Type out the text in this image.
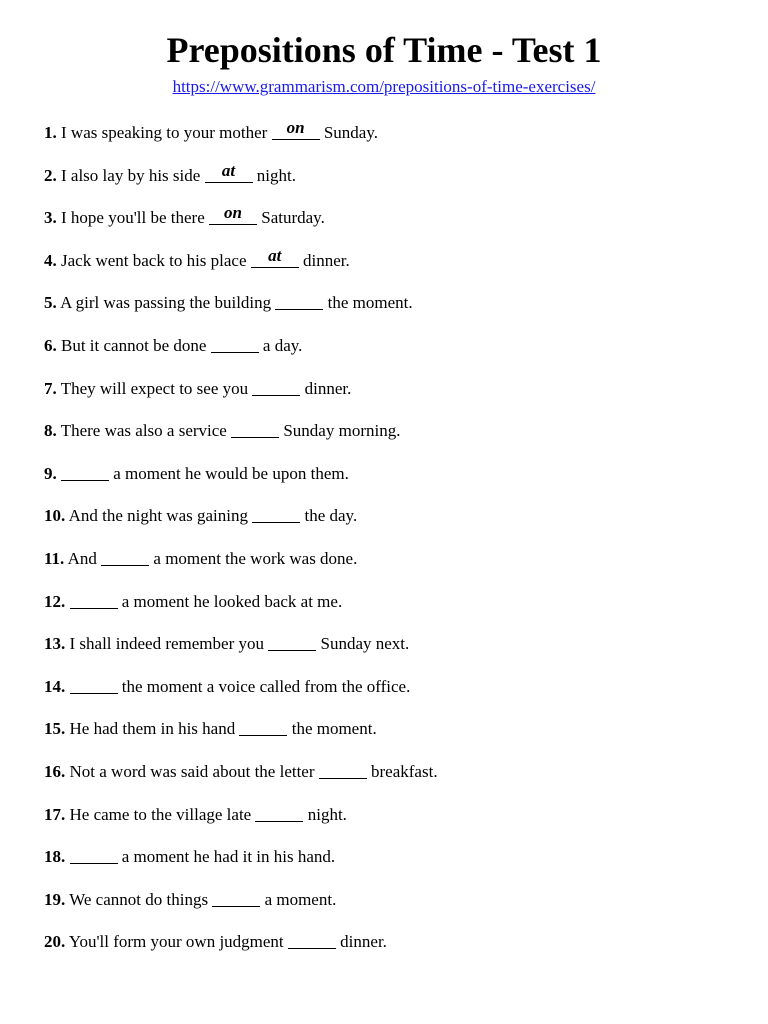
Prepositions of Time - Test 1
https://www.grammarism.com/prepositions-of-time-exercises/
1. I was speaking to your mother on Sunday.
2. I also lay by his side	at	night.
3. I hope you'll be there on Saturday.
4. Jack went back to his place	at	dinner.
5. A girl was passing the building	the moment.
6. But it cannot be done	a day.
7. They will expect to see you	dinner.
8. There was also a service	Sunday morning.
9.	a moment he would be upon them.
10. And the night was gaining	the day.
11. And	a moment the work was done.
12.	a moment he looked back at me.
13. I shall indeed remember you	Sunday next.
14.	the moment a voice called from the office.
15. He had them in his hand	the moment.
16. Not a word was said about the letter	breakfast.
17. He came to the village late	night.
18.	a moment he had it in his hand.
19. We cannot do things	a moment.
20. You'll form your own judgment	dinner.
